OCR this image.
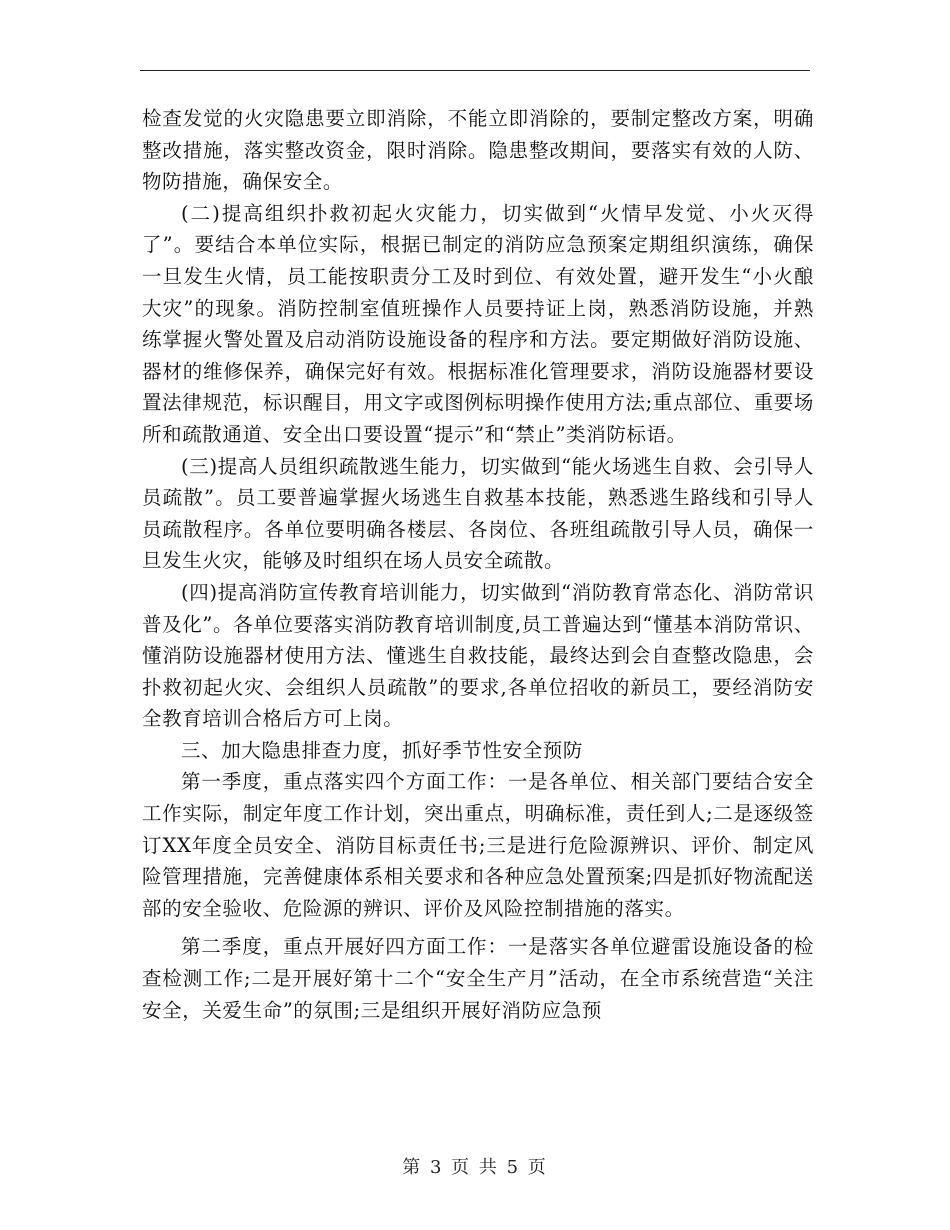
检查发觉的火灾隐患要立即消除，不能立即消除的，要制定整改方案，明确整改措施，落实整改资金，限时消除。隐患整改期间，要落实有效的人防、物防措施，确保安全。

(二)提高组织扑救初起火灾能力，切实做到“火情早发觉、小火灭得了”。要结合本单位实际，根据已制定的消防应急预案定期组织演练，确保一旦发生火情，员工能按职责分工及时到位、有效处置，避开发生“小火酿大灾”的现象。消防控制室值班操作人员要持证上岗，熟悉消防设施，并熟练掌握火警处置及启动消防设施设备的程序和方法。要定期做好消防设施、器材的维修保养，确保完好有效。根据标准化管理要求，消防设施器材要设置法律规范，标识醒目，用文字或图例标明操作使用方法;重点部位、重要场所和疏散通道、安全出口要设置“提示”和“禁止”类消防标语。

(三)提高人员组织疏散逃生能力，切实做到“能火场逃生自救、会引导人员疏散”。员工要普遍掌握火场逃生自救基本技能，熟悉逃生路线和引导人员疏散程序。各单位要明确各楼层、各岗位、各班组疏散引导人员，确保一旦发生火灾，能够及时组织在场人员安全疏散。

(四)提高消防宣传教育培训能力，切实做到“消防教育常态化、消防常识普及化”。各单位要落实消防教育培训制度,员工普遍达到“懂基本消防常识、懂消防设施器材使用方法、懂逃生自救技能，最终达到会自查整改隐患，会扑救初起火灾、会组织人员疏散”的要求,各单位招收的新员工，要经消防安全教育培训合格后方可上岗。

三、加大隐患排查力度，抓好季节性安全预防

第一季度，重点落实四个方面工作：一是各单位、相关部门要结合安全工作实际，制定年度工作计划，突出重点，明确标准，责任到人;二是逐级签订XX年度全员安全、消防目标责任书;三是进行危险源辨识、评价、制定风险管理措施，完善健康体系相关要求和各种应急处置预案;四是抓好物流配送部的安全验收、危险源的辨识、评价及风险控制措施的落实。

第二季度，重点开展好四方面工作：一是落实各单位避雷设施设备的检查检测工作;二是开展好第十二个“安全生产月”活动，在全市系统营造“关注安全，关爱生命”的氛围;三是组织开展好消防应急预

第 3 页 共 5 页
